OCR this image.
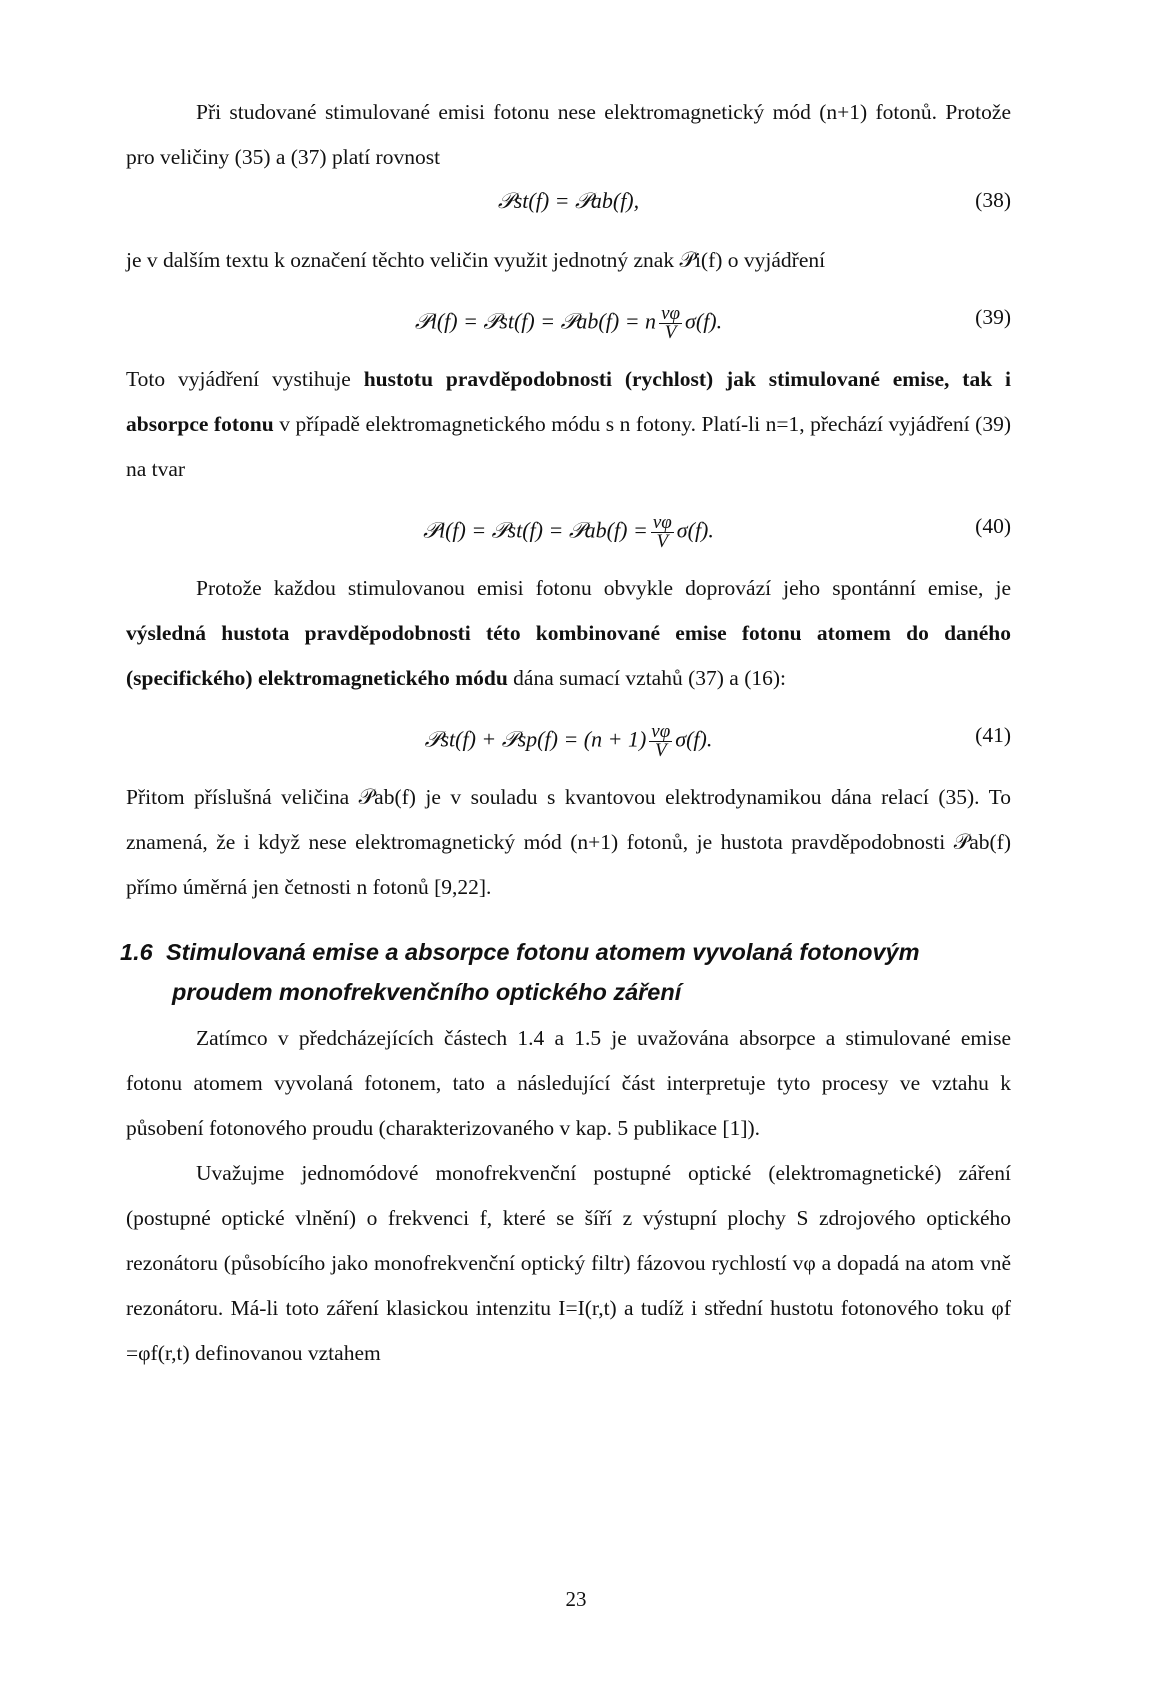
Při studované stimulované emisi fotonu nese elektromagnetický mód (n+1) fotonů. Protože pro veličiny (35) a (37) platí rovnost

𝒫st(f) = 𝒫ab(f),	(38)

je v dalším textu k označení těchto veličin využit jednotný znak 𝒫i(f) o vyjádření

𝒫i(f) = 𝒫st(f) = 𝒫ab(f) = n $\frac{v\varphi}{V} \sigma(f)$.	(39)

Toto vyjádření vystihuje hustotu pravděpodobnosti (rychlost) jak stimulované emise, tak i absorpce fotonu v případě elektromagnetického módu s n fotony. Platí-li n=1, přechází vyjádření (39) na tvar

𝒫i(f) = 𝒫st(f) = 𝒫ab(f) = $\frac{v\varphi}{V} \sigma(f)$.	(40)

Protože každou stimulovanou emisi fotonu obvykle doprovází jeho spontánní emise, je výsledná hustota pravděpodobnosti této kombinované emise fotonu atomem do daného (specifického) elektromagnetického módu dána sumací vztahů (37) a (16):

𝒫st(f) + 𝒫sp(f) = $(n + 1) \frac{v\varphi}{V} \sigma(f)$.	(41)

Přitom příslušná veličina 𝒫ab(f) je v souladu s kvantovou elektrodynamikou dána relací (35). To znamená, že i když nese elektromagnetický mód (n+1) fotonů, je hustota pravděpodobnosti 𝒫ab(f) přímo úměrná jen četnosti n fotonů [9,22].

1.6 Stimulovaná emise a absorpce fotonu atomem vyvolaná fotonovým
proudem monofrekvenčního optického záření

Zatímco v předcházejících částech 1.4 a 1.5 je uvažována absorpce a stimulované emise fotonu atomem vyvolaná fotonem, tato a následující část interpretuje tyto procesy ve vztahu k působení fotonového proudu (charakterizovaného v kap. 5 publikace [1]).

Uvažujme jednomódové monofrekvenční postupné optické (elektromagnetické) záření (postupné optické vlnění) o frekvenci f, které se šíří z výstupní plochy S zdrojového optického rezonátoru (působícího jako monofrekvenční optický filtr) fázovou rychlostí vφ a dopadá na atom vně rezonátoru. Má-li toto záření klasickou intenzitu I=I(r,t) a tudíž i střední hustotu fotonového toku φf =φf(r,t) definovanou vztahem

23
